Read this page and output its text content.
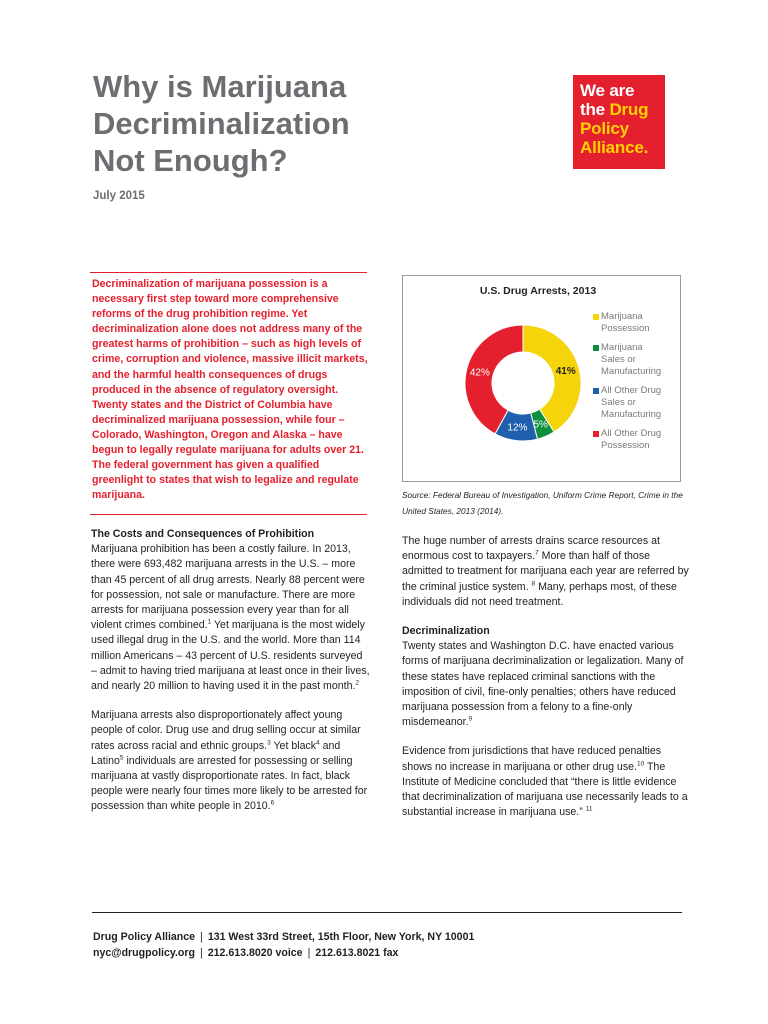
Why is Marijuana
Decriminalization
Not Enough?
July 2015
We are
the Drug
Policy
Alliance.
Decriminalization of marijuana possession is a necessary first step toward more comprehensive reforms of the drug prohibition regime. Yet decriminalization alone does not address many of the greatest harms of prohibition – such as high levels of crime, corruption and violence, massive illicit markets, and the harmful health consequences of drugs produced in the absence of regulatory oversight. Twenty states and the District of Columbia have decriminalized marijuana possession, while four – Colorado, Washington, Oregon and Alaska – have begun to legally regulate marijuana for adults over 21. The federal government has given a qualified greenlight to states that wish to legalize and regulate marijuana.
U.S. Drug Arrests, 2013
41%
5%
12%
42%
Marijuana
Possession
Marijuana
Sales or
Manufacturing
All Other Drug
Sales or
Manufacturing
All Other Drug
Possession
Source: Federal Bureau of Investigation, Uniform Crime Report, Crime in the United States, 2013 (2014).
The Costs and Consequences of Prohibition

Marijuana prohibition has been a costly failure. In 2013, there were 693,482 marijuana arrests in the U.S. – more than 45 percent of all drug arrests. Nearly 88 percent were for possession, not sale or manufacture. There are more arrests for marijuana possession every year than for all violent crimes combined.$^1$ Yet marijuana is the most widely used illegal drug in the U.S. and the world. More than 114 million Americans – 43 percent of U.S. residents surveyed – admit to having tried marijuana at least once in their lives, and nearly 20 million to having used it in the past month.$^2$

Marijuana arrests also disproportionately affect young people of color. Drug use and drug selling occur at similar rates across racial and ethnic groups.$^3$ Yet black$^4$ and Latino$^5$ individuals are arrested for possessing or selling marijuana at vastly disproportionate rates. In fact, black people were nearly four times more likely to be arrested for possession than white people in 2010.$^6$

The huge number of arrests drains scarce resources at enormous cost to taxpayers.$^7$ More than half of those admitted to treatment for marijuana each year are referred by the criminal justice system. $^8$ Many, perhaps most, of these individuals did not need treatment.

Decriminalization

Twenty states and Washington D.C. have enacted various forms of marijuana decriminalization or legalization. Many of these states have replaced criminal sanctions with the imposition of civil, fine-only penalties; others have reduced marijuana possession from a felony to a fine-only misdemeanor.$^9$

Evidence from jurisdictions that have reduced penalties shows no increase in marijuana or other drug use.$^{10}$ The Institute of Medicine concluded that “there is little evidence that decriminalization of marijuana use necessarily leads to a substantial increase in marijuana use.” $^{11}$

Drug Policy Alliance | 131 West 33rd Street, 15th Floor, New York, NY 10001
nyc@drugpolicy.org | 212.613.8020 voice | 212.613.8021 fax
